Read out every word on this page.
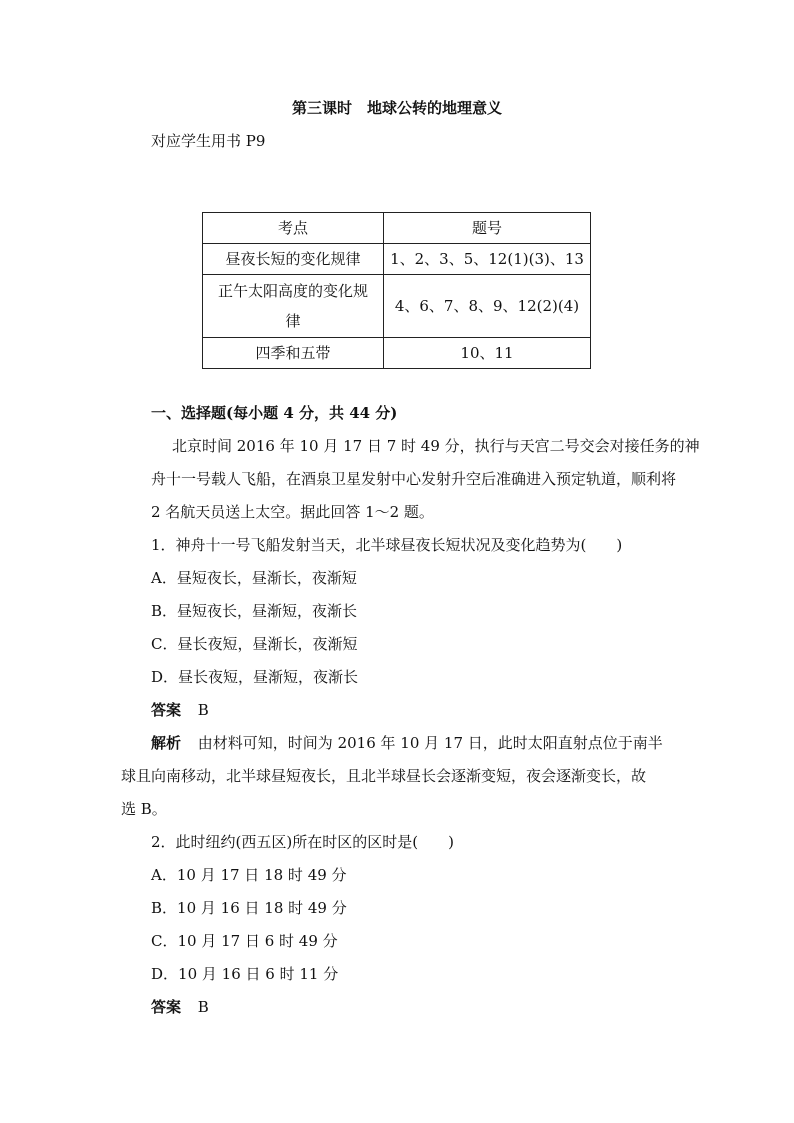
第三课时　地球公转的地理意义
对应学生用书 P9
考点	题号
昼夜长短的变化规律	1、2、3、5、12(1)(3)、13

正午太阳高度的变化规
律	4、6、7、8、9、12(2)(4)
四季和五带	10、11
一、选择题(每小题 4 分，共 44 分)
北京时间 2016 年 10 月 17 日 7 时 49 分，执行与天宫二号交会对接任务的神
舟十一号载人飞船，在酒泉卫星发射中心发射升空后准确进入预定轨道，顺利将
2 名航天员送上太空。据此回答 1～2 题。
1．神舟十一号飞船发射当天，北半球昼夜长短状况及变化趋势为(　　)
A．昼短夜长，昼渐长，夜渐短
B．昼短夜长，昼渐短，夜渐长
C．昼长夜短，昼渐长，夜渐短
D．昼长夜短，昼渐短，夜渐长
答案 B
解析 由材料可知，时间为 2016 年 10 月 17 日，此时太阳直射点位于南半
球且向南移动，北半球昼短夜长，且北半球昼长会逐渐变短，夜会逐渐变长，故
选 B。
2．此时纽约(西五区)所在时区的区时是(　　)
A．10 月 17 日 18 时 49 分
B．10 月 16 日 18 时 49 分
C．10 月 17 日 6 时 49 分
D．10 月 16 日 6 时 11 分
答案 B
